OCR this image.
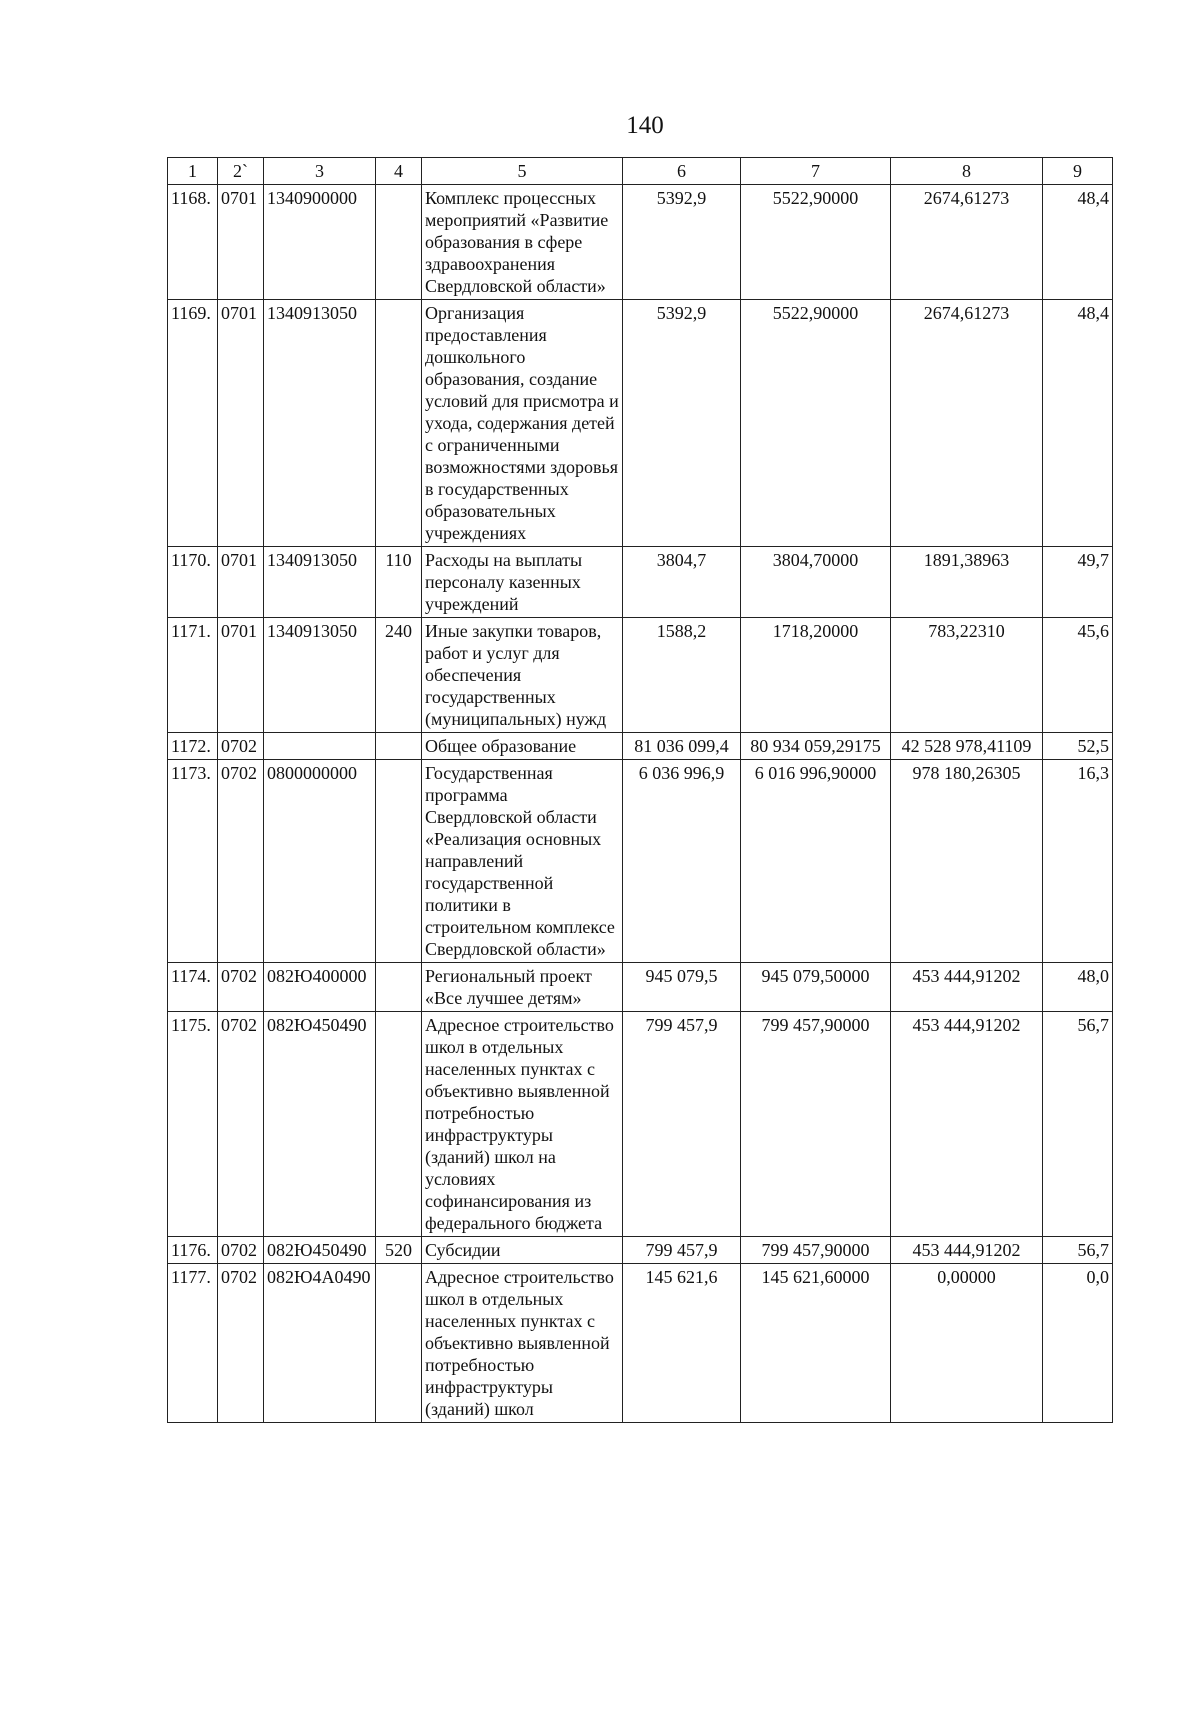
140
1	2`	3	4	5	6	7	8	9
1168.	0701	1340900000		Комплекс процессных мероприятий «Развитие образования в сфере здравоохранения Свердловской области»	5392,9	5522,90000	2674,61273	48,4
1169.	0701	1340913050		Организация предоставления дошкольного образования, создание условий для присмотра и ухода, содержания детей с ограниченными возможностями здоровья в государственных образовательных учреждениях	5392,9	5522,90000	2674,61273	48,4
1170.	0701	1340913050	110	Расходы на выплаты персоналу казенных учреждений	3804,7	3804,70000	1891,38963	49,7
1171.	0701	1340913050	240	Иные закупки товаров, работ и услуг для обеспечения государственных (муниципальных) нужд	1588,2	1718,20000	783,22310	45,6
1172.	0702			Общее образование	81 036 099,4	80 934 059,29175	42 528 978,41109	52,5
1173.	0702	0800000000		Государственная программа Свердловской области «Реализация основных направлений государственной политики в строительном комплексе Свердловской области»	6 036 996,9	6 016 996,90000	978 180,26305	16,3
1174.	0702	082Ю400000		Региональный проект «Все лучшее детям»	945 079,5	945 079,50000	453 444,91202	48,0
1175.	0702	082Ю450490		Адресное строительство школ в отдельных населенных пунктах с объективно выявленной потребностью инфраструктуры (зданий) школ на условиях софинансирования из федерального бюджета	799 457,9	799 457,90000	453 444,91202	56,7
1176.	0702	082Ю450490	520	Субсидии	799 457,9	799 457,90000	453 444,91202	56,7
1177.	0702	082Ю4А0490		Адресное строительство школ в отдельных населенных пунктах с объективно выявленной потребностью инфраструктуры (зданий) школ	145 621,6	145 621,60000	0,00000	0,0
